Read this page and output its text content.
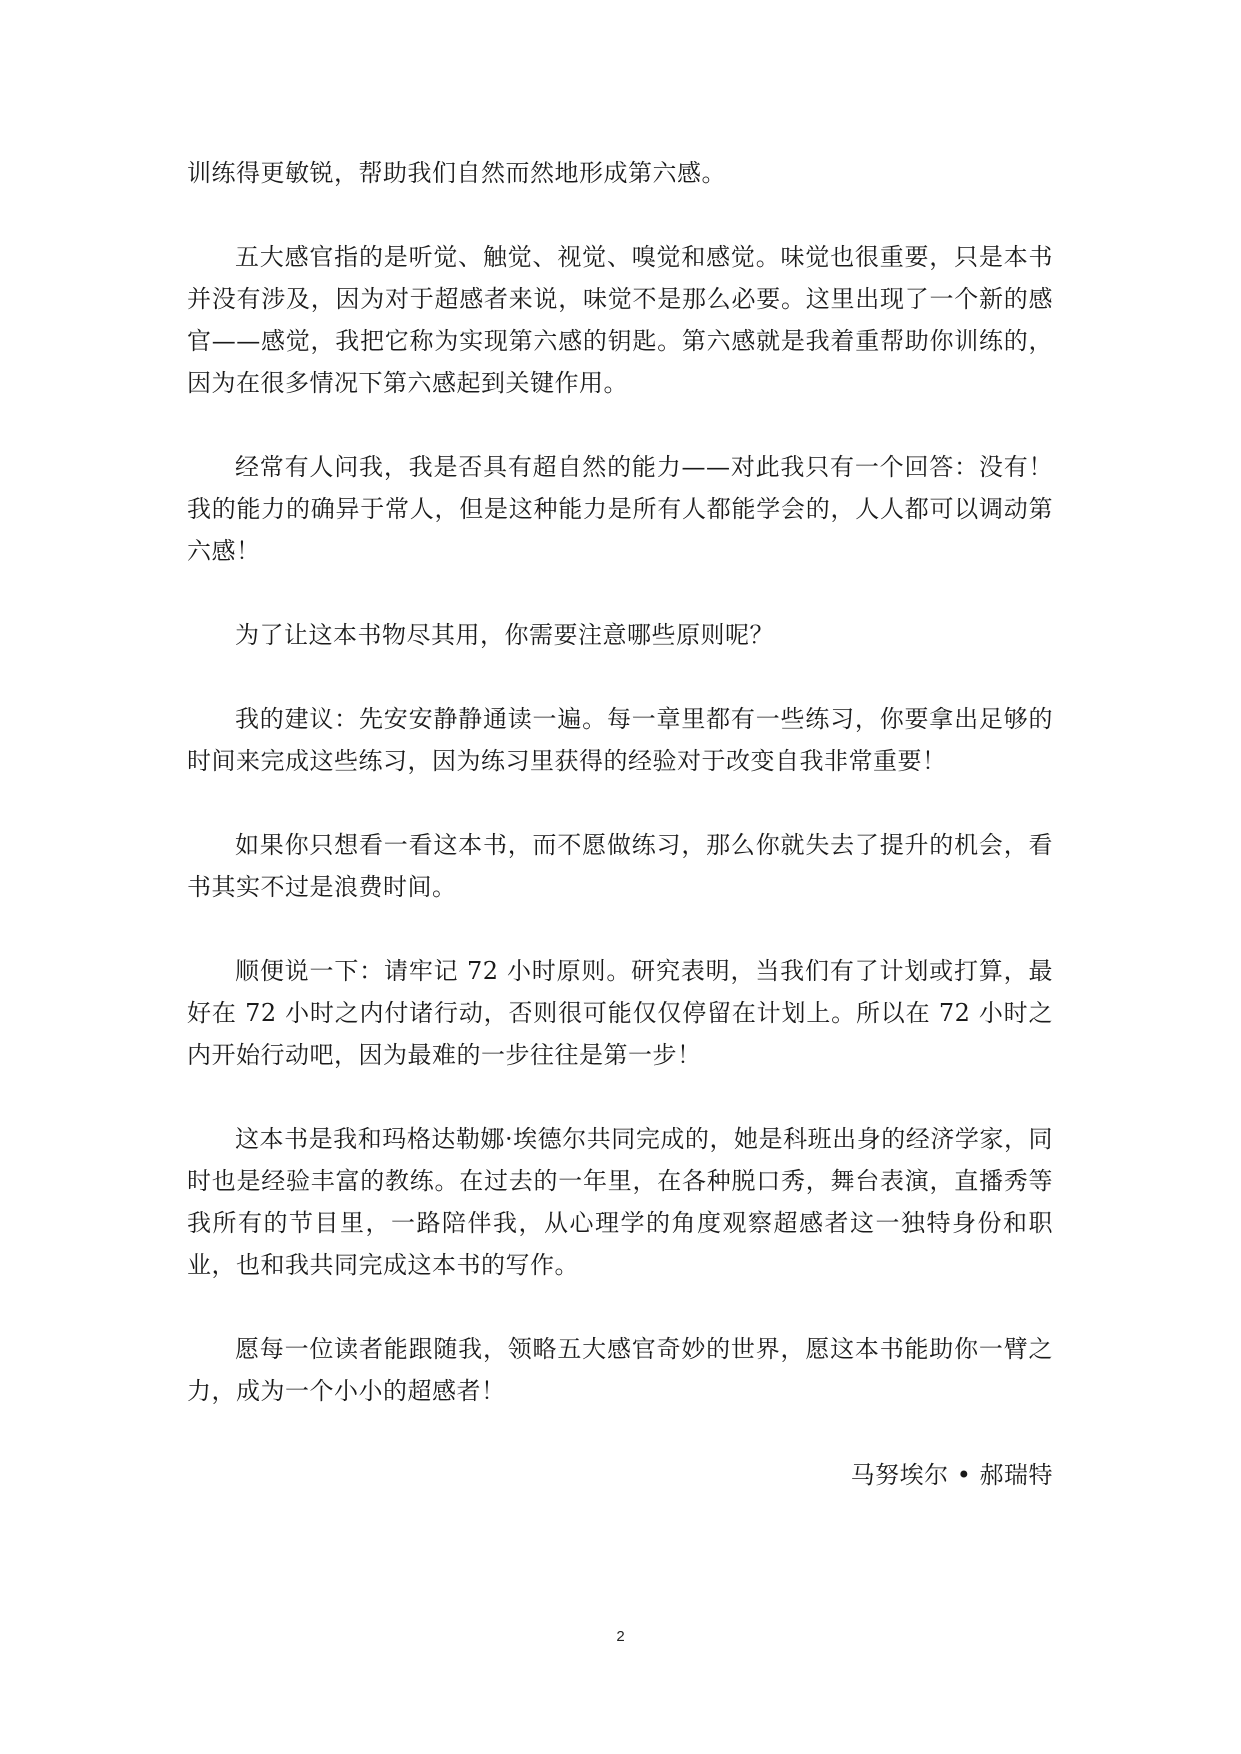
训练得更敏锐，帮助我们自然而然地形成第六感。

五大感官指的是听觉、触觉、视觉、嗅觉和感觉。味觉也很重要，只是本书并没有涉及，因为对于超感者来说，味觉不是那么必要。这里出现了一个新的感官——感觉，我把它称为实现第六感的钥匙。第六感就是我着重帮助你训练的，因为在很多情况下第六感起到关键作用。

经常有人问我，我是否具有超自然的能力——对此我只有一个回答：没有！我的能力的确异于常人，但是这种能力是所有人都能学会的，人人都可以调动第六感！

为了让这本书物尽其用，你需要注意哪些原则呢？

我的建议：先安安静静通读一遍。每一章里都有一些练习，你要拿出足够的时间来完成这些练习，因为练习里获得的经验对于改变自我非常重要！

如果你只想看一看这本书，而不愿做练习，那么你就失去了提升的机会，看书其实不过是浪费时间。

顺便说一下：请牢记 72 小时原则。研究表明，当我们有了计划或打算，最好在 72 小时之内付诸行动，否则很可能仅仅停留在计划上。所以在 72 小时之内开始行动吧，因为最难的一步往往是第一步！

这本书是我和玛格达勒娜·埃德尔共同完成的，她是科班出身的经济学家，同时也是经验丰富的教练。在过去的一年里，在各种脱口秀，舞台表演，直播秀等我所有的节目里，一路陪伴我，从心理学的角度观察超感者这一独特身份和职业，也和我共同完成这本书的写作。

愿每一位读者能跟随我，领略五大感官奇妙的世界，愿这本书能助你一臂之力，成为一个小小的超感者！

马努埃尔 • 郝瑞特

2
